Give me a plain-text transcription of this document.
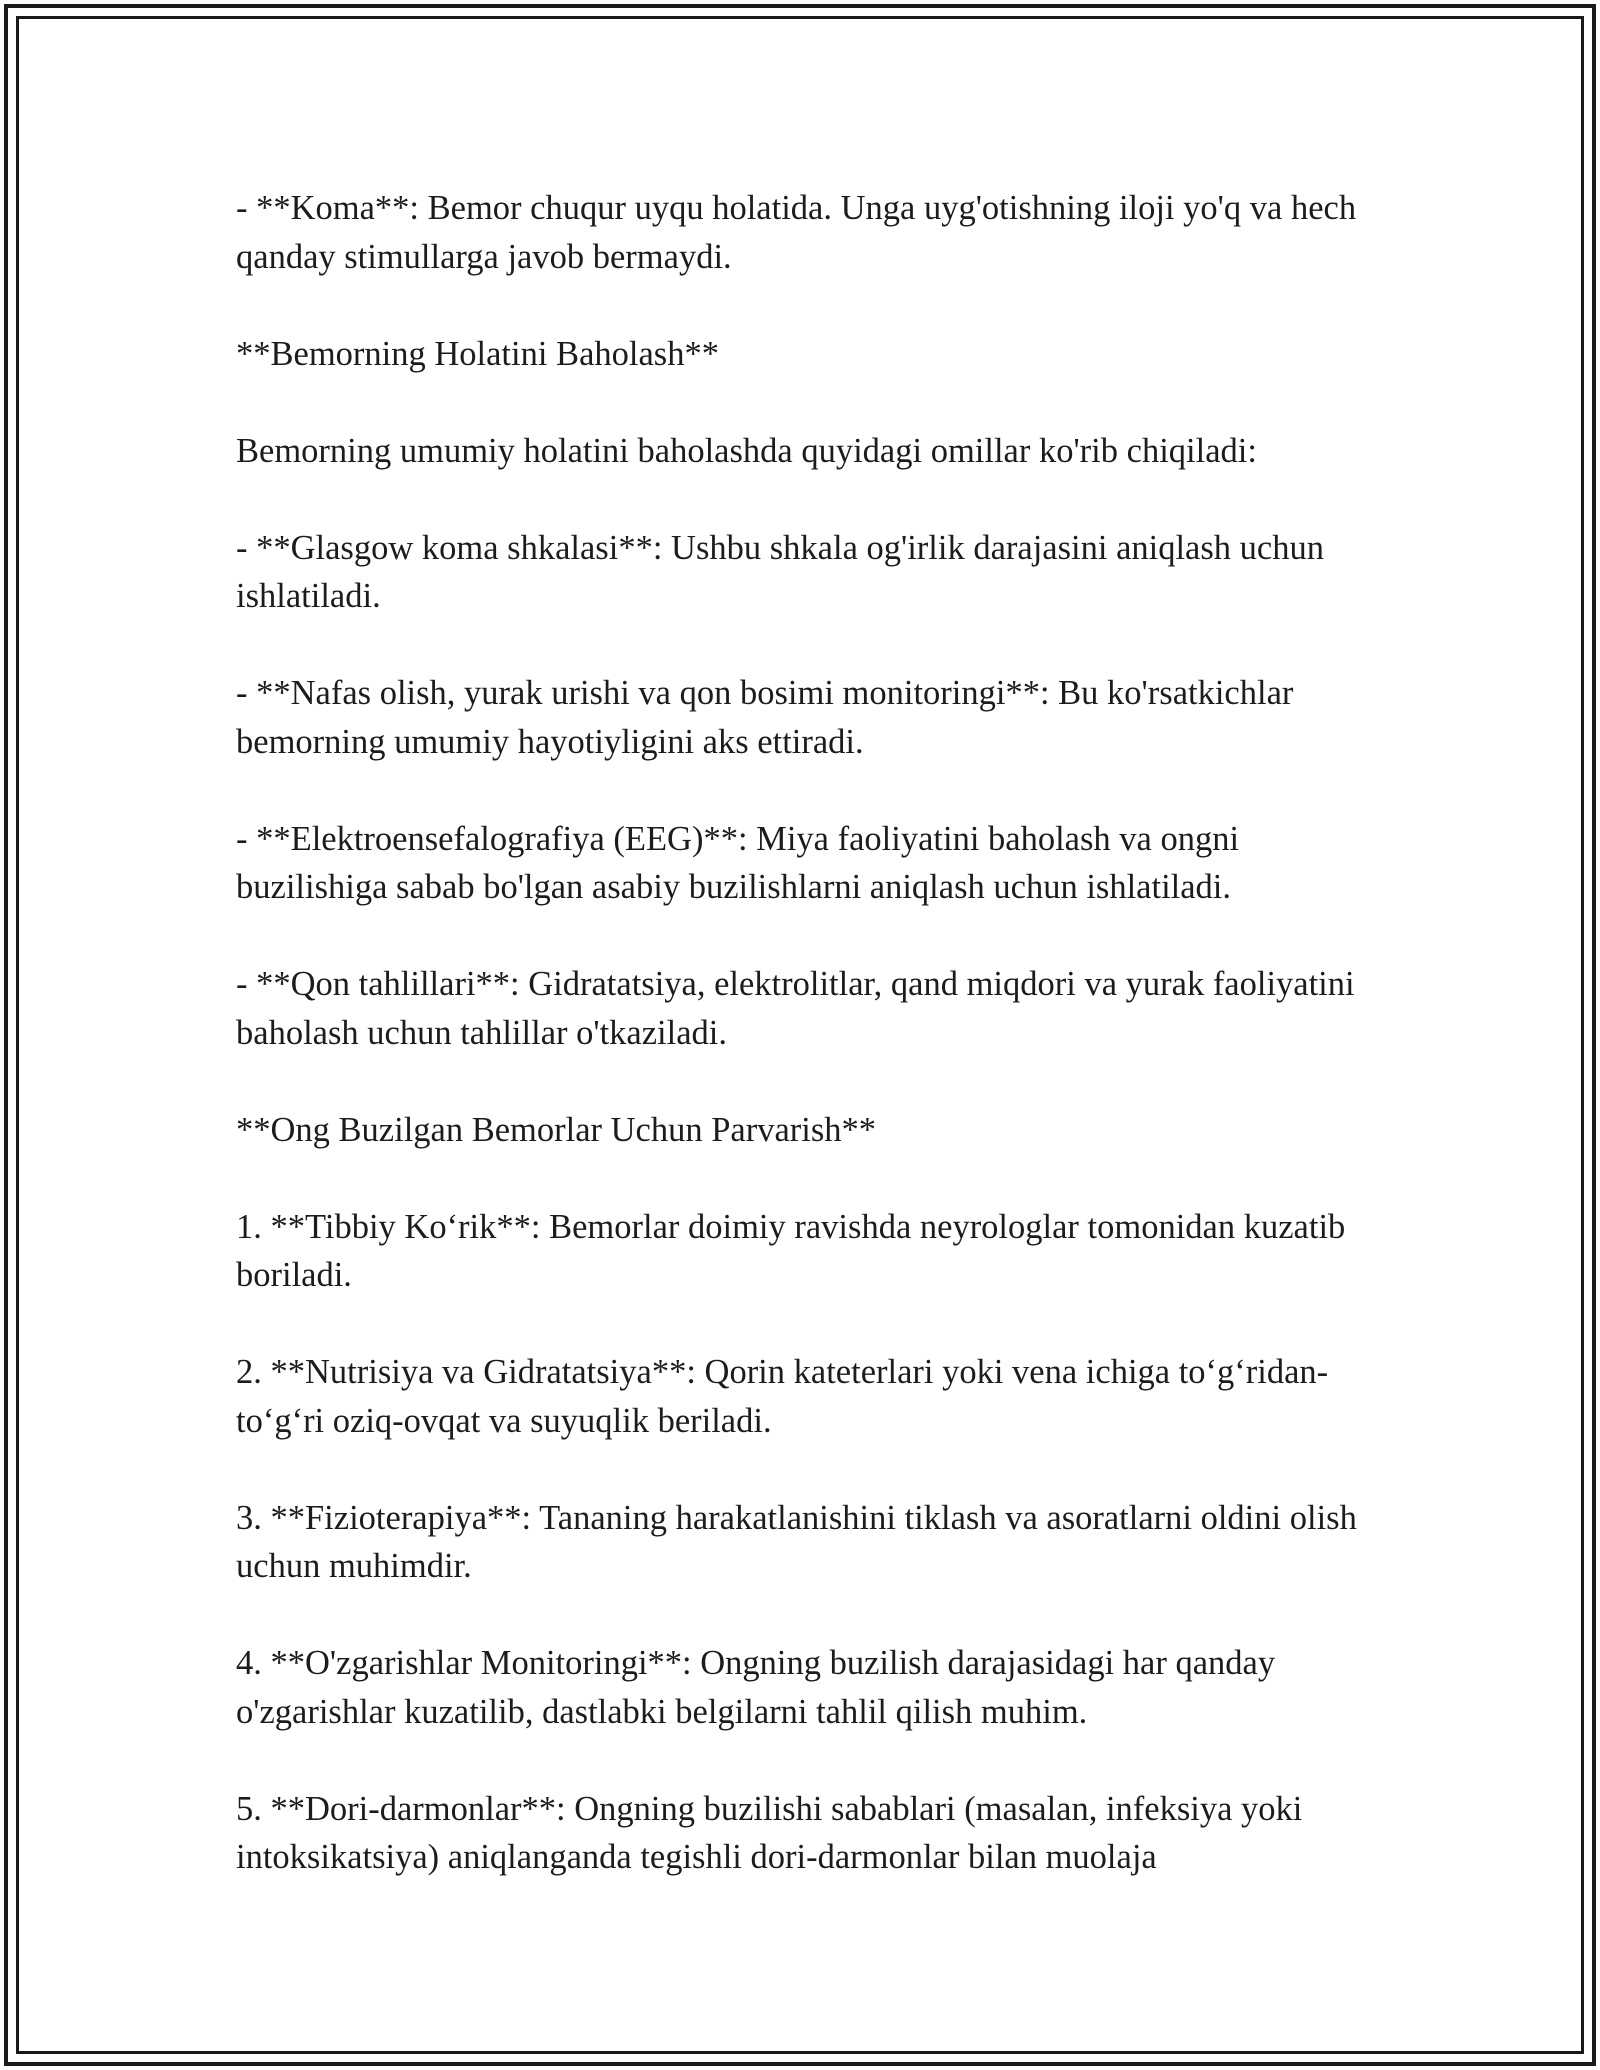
- **Koma**: Bemor chuqur uyqu holatida. Unga uyg'otishning iloji yo'q va hech qanday stimullarga javob bermaydi.

**Bemorning Holatini Baholash**

Bemorning umumiy holatini baholashda quyidagi omillar ko'rib chiqiladi:

- **Glasgow koma shkalasi**: Ushbu shkala og'irlik darajasini aniqlash uchun ishlatiladi.

- **Nafas olish, yurak urishi va qon bosimi monitoringi**: Bu ko'rsatkichlar bemorning umumiy hayotiyligini aks ettiradi.

- **Elektroensefalografiya (EEG)**: Miya faoliyatini baholash va ongni buzilishiga sabab bo'lgan asabiy buzilishlarni aniqlash uchun ishlatiladi.

- **Qon tahlillari**: Gidratatsiya, elektrolitlar, qand miqdori va yurak faoliyatini baholash uchun tahlillar o'tkaziladi.

**Ong Buzilgan Bemorlar Uchun Parvarish**

1. **Tibbiy Ko‘rik**: Bemorlar doimiy ravishda neyrologlar tomonidan kuzatib boriladi.

2. **Nutrisiya va Gidratatsiya**: Qorin kateterlari yoki vena ichiga to‘g‘ridan-to‘g‘ri oziq-ovqat va suyuqlik beriladi.

3. **Fizioterapiya**: Tananing harakatlanishini tiklash va asoratlarni oldini olish uchun muhimdir.

4. **O'zgarishlar Monitoringi**: Ongning buzilish darajasidagi har qanday o'zgarishlar kuzatilib, dastlabki belgilarni tahlil qilish muhim.

5. **Dori-darmonlar**: Ongning buzilishi sabablari (masalan, infeksiya yoki intoksikatsiya) aniqlanganda tegishli dori-darmonlar bilan muolaja
